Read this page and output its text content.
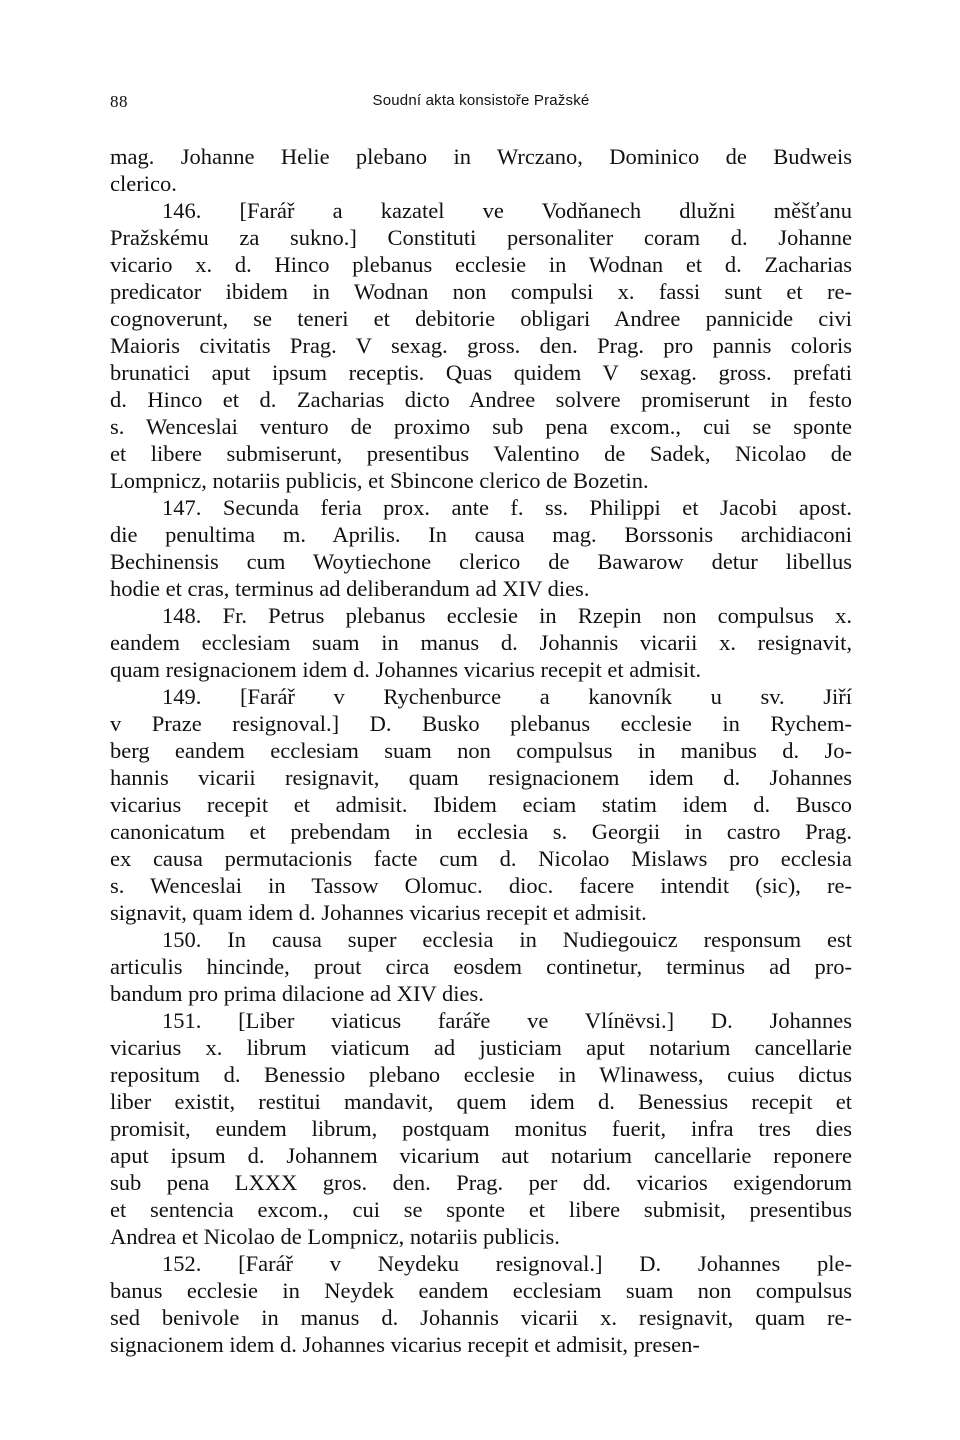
88	Soudní akta konsistoře Pražské
mag. Johanne Helie plebano in Wrczano, Dominico de Budweis
clerico.
146. [Farář a kazatel ve Vodňanech dlužni měšťanu
Pražskému za sukno.] Constituti personaliter coram d. Johanne
vicario x. d. Hinco plebanus ecclesie in Wodnan et d. Zacharias
predicator ibidem in Wodnan non compulsi x. fassi sunt et re-
cognoverunt, se teneri et debitorie obligari Andree pannicide civi
Maioris civitatis Prag. V sexag. gross. den. Prag. pro pannis coloris
brunatici aput ipsum receptis. Quas quidem V sexag. gross. prefati
d. Hinco et d. Zacharias dicto Andree solvere promiserunt in festo
s. Wenceslai venturo de proximo sub pena excom., cui se sponte
et libere submiserunt, presentibus Valentino de Sadek, Nicolao de
Lompnicz, notariis publicis, et Sbincone clerico de Bozetin.
147. Secunda feria prox. ante f. ss. Philippi et Jacobi apost.
die penultima m. Aprilis. In causa mag. Borssonis archidiaconi
Bechinensis cum Woytiechone clerico de Bawarow detur libellus
hodie et cras, terminus ad deliberandum ad XIV dies.
148. Fr. Petrus plebanus ecclesie in Rzepin non compulsus x.
eandem ecclesiam suam in manus d. Johannis vicarii x. resignavit,
quam resignacionem idem d. Johannes vicarius recepit et admisit.
149. [Farář v Rychenburce a kanovník u sv. Jiří
v Praze resignoval.] D. Busko plebanus ecclesie in Rychem-
berg eandem ecclesiam suam non compulsus in manibus d. Jo-
hannis vicarii resignavit, quam resignacionem idem d. Johannes
vicarius recepit et admisit. Ibidem eciam statim idem d. Busco
canonicatum et prebendam in ecclesia s. Georgii in castro Prag.
ex causa permutacionis facte cum d. Nicolao Mislaws pro ecclesia
s. Wenceslai in Tassow Olomuc. dioc. facere intendit (sic), re-
signavit, quam idem d. Johannes vicarius recepit et admisit.
150. In causa super ecclesia in Nudiegouicz responsum est
articulis hincinde, prout circa eosdem continetur, terminus ad pro-
bandum pro prima dilacione ad XIV dies.
151. [Liber viaticus faráře ve Vlínëvsi.] D. Johannes
vicarius x. librum viaticum ad justiciam aput notarium cancellarie
repositum d. Benessio plebano ecclesie in Wlinawess, cuius dictus
liber existit, restitui mandavit, quem idem d. Benessius recepit et
promisit, eundem librum, postquam monitus fuerit, infra tres dies
aput ipsum d. Johannem vicarium aut notarium cancellarie reponere
sub pena LXXX gros. den. Prag. per dd. vicarios exigendorum
et sentencia excom., cui se sponte et libere submisit, presentibus
Andrea et Nicolao de Lompnicz, notariis publicis.
152. [Farář v Neydeku resignoval.] D. Johannes ple-
banus ecclesie in Neydek eandem ecclesiam suam non compulsus
sed benivole in manus d. Johannis vicarii x. resignavit, quam re-
signacionem idem d. Johannes vicarius recepit et admisit, presen-
